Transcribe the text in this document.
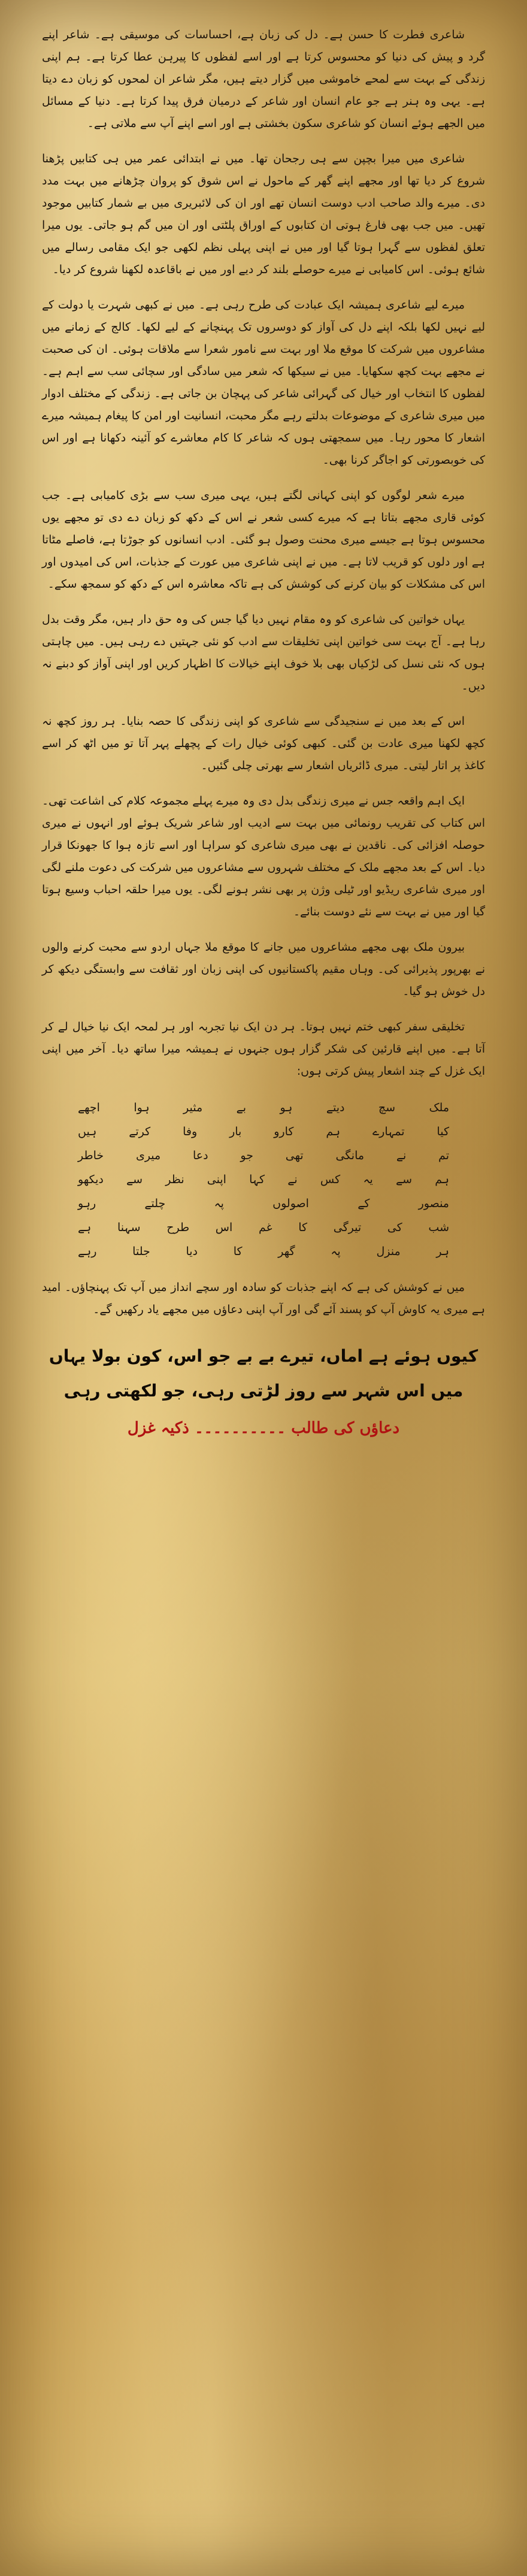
شاعری فطرت کا حسن ہے۔ دل کی زبان ہے، احساسات کی موسیقی ہے۔ شاعر اپنے گرد و پیش کی دنیا کو محسوس کرتا ہے اور اسے لفظوں کا پیرہن عطا کرتا ہے۔ ہم اپنی زندگی کے بہت سے لمحے خاموشی میں گزار دیتے ہیں، مگر شاعر ان لمحوں کو زبان دے دیتا ہے۔ یہی وہ ہنر ہے جو عام انسان اور شاعر کے درمیان فرق پیدا کرتا ہے۔ دنیا کے مسائل میں الجھے ہوئے انسان کو شاعری سکون بخشتی ہے اور اسے اپنے آپ سے ملاتی ہے۔

شاعری میں میرا بچپن سے ہی رجحان تھا۔ میں نے ابتدائی عمر میں ہی کتابیں پڑھنا شروع کر دیا تھا اور مجھے اپنے گھر کے ماحول نے اس شوق کو پروان چڑھانے میں بہت مدد دی۔ میرے والد صاحب ادب دوست انسان تھے اور ان کی لائبریری میں بے شمار کتابیں موجود تھیں۔ میں جب بھی فارغ ہوتی ان کتابوں کے اوراق پلٹتی اور ان میں گم ہو جاتی۔ یوں میرا تعلق لفظوں سے گہرا ہوتا گیا اور میں نے اپنی پہلی نظم لکھی جو ایک مقامی رسالے میں شائع ہوئی۔ اس کامیابی نے میرے حوصلے بلند کر دیے اور میں نے باقاعدہ لکھنا شروع کر دیا۔

میرے لیے شاعری ہمیشہ ایک عبادت کی طرح رہی ہے۔ میں نے کبھی شہرت یا دولت کے لیے نہیں لکھا بلکہ اپنے دل کی آواز کو دوسروں تک پہنچانے کے لیے لکھا۔ کالج کے زمانے میں مشاعروں میں شرکت کا موقع ملا اور بہت سے نامور شعرا سے ملاقات ہوئی۔ ان کی صحبت نے مجھے بہت کچھ سکھایا۔ میں نے سیکھا کہ شعر میں سادگی اور سچائی سب سے اہم ہے۔ لفظوں کا انتخاب اور خیال کی گہرائی شاعر کی پہچان بن جاتی ہے۔ زندگی کے مختلف ادوار میں میری شاعری کے موضوعات بدلتے رہے مگر محبت، انسانیت اور امن کا پیغام ہمیشہ میرے اشعار کا محور رہا۔ میں سمجھتی ہوں کہ شاعر کا کام معاشرے کو آئینہ دکھانا ہے اور اس کی خوبصورتی کو اجاگر کرنا بھی۔

میرے شعر لوگوں کو اپنی کہانی لگتے ہیں، یہی میری سب سے بڑی کامیابی ہے۔ جب کوئی قاری مجھے بتاتا ہے کہ میرے کسی شعر نے اس کے دکھ کو زبان دے دی تو مجھے یوں محسوس ہوتا ہے جیسے میری محنت وصول ہو گئی۔ ادب انسانوں کو جوڑتا ہے، فاصلے مٹاتا ہے اور دلوں کو قریب لاتا ہے۔ میں نے اپنی شاعری میں عورت کے جذبات، اس کی امیدوں اور اس کی مشکلات کو بیان کرنے کی کوشش کی ہے تاکہ معاشرہ اس کے دکھ کو سمجھ سکے۔

یہاں خواتین کی شاعری کو وہ مقام نہیں دیا گیا جس کی وہ حق دار ہیں، مگر وقت بدل رہا ہے۔ آج بہت سی خواتین اپنی تخلیقات سے ادب کو نئی جہتیں دے رہی ہیں۔ میں چاہتی ہوں کہ نئی نسل کی لڑکیاں بھی بلا خوف اپنے خیالات کا اظہار کریں اور اپنی آواز کو دبنے نہ دیں۔

اس کے بعد میں نے سنجیدگی سے شاعری کو اپنی زندگی کا حصہ بنایا۔ ہر روز کچھ نہ کچھ لکھنا میری عادت بن گئی۔ کبھی کوئی خیال رات کے پچھلے پہر آتا تو میں اٹھ کر اسے کاغذ پر اتار لیتی۔ میری ڈائریاں اشعار سے بھرتی چلی گئیں۔

ایک اہم واقعہ جس نے میری زندگی بدل دی وہ میرے پہلے مجموعہ کلام کی اشاعت تھی۔ اس کتاب کی تقریب رونمائی میں بہت سے ادیب اور شاعر شریک ہوئے اور انہوں نے میری حوصلہ افزائی کی۔ ناقدین نے بھی میری شاعری کو سراہا اور اسے تازہ ہوا کا جھونکا قرار دیا۔ اس کے بعد مجھے ملک کے مختلف شہروں سے مشاعروں میں شرکت کی دعوت ملنے لگی اور میری شاعری ریڈیو اور ٹیلی وژن پر بھی نشر ہونے لگی۔ یوں میرا حلقہ احباب وسیع ہوتا گیا اور میں نے بہت سے نئے دوست بنائے۔

بیرون ملک بھی مجھے مشاعروں میں جانے کا موقع ملا جہاں اردو سے محبت کرنے والوں نے بھرپور پذیرائی کی۔ وہاں مقیم پاکستانیوں کی اپنی زبان اور ثقافت سے وابستگی دیکھ کر دل خوش ہو گیا۔

تخلیقی سفر کبھی ختم نہیں ہوتا۔ ہر دن ایک نیا تجربہ اور ہر لمحہ ایک نیا خیال لے کر آتا ہے۔ میں اپنے قارئین کی شکر گزار ہوں جنہوں نے ہمیشہ میرا ساتھ دیا۔ آخر میں اپنی ایک غزل کے چند اشعار پیش کرتی ہوں:

ملک سچ دیتے ہو بے مثیر ہوا اچھے
کیا تمہارے ہم کارو بار وفا کرتے ہیں
تم نے مانگی تھی جو دعا میری خاطر
ہم سے یہ کس نے کہا اپنی نظر سے دیکھو
منصور کے اصولوں پہ چلتے رہو
شب کی تیرگی کا غم اس طرح سہنا ہے
ہر منزل پہ گھر کا دیا جلتا رہے

میں نے کوشش کی ہے کہ اپنے جذبات کو سادہ اور سچے انداز میں آپ تک پہنچاؤں۔ امید ہے میری یہ کاوش آپ کو پسند آئے گی اور آپ اپنی دعاؤں میں مجھے یاد رکھیں گے۔

کیوں ہوئے ہے اماں، تیرے بے بے جو اس، کون بولا یہاں
میں اس شہر سے روز لڑتی رہی، جو لکھتی رہی
دعاؤں کی طالب ۔۔۔۔۔۔۔۔۔۔ ذکیہ غزل
